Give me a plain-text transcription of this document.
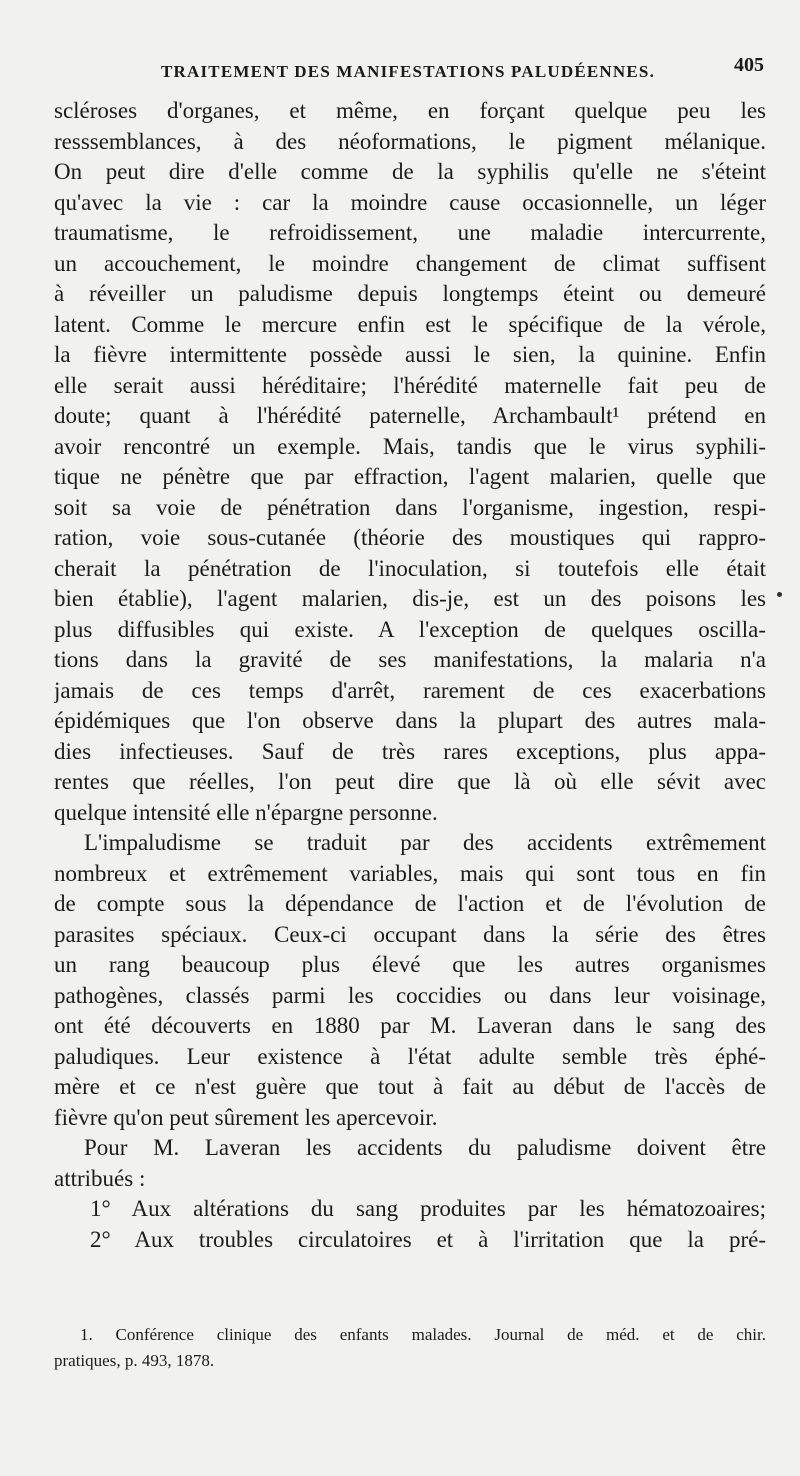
TRAITEMENT DES MANIFESTATIONS PALUDÉENNES.	405
scléroses d'organes, et même, en forçant quelque peu les
resssemblances, à des néoformations, le pigment mélanique.
On peut dire d'elle comme de la syphilis qu'elle ne s'éteint
qu'avec la vie : car la moindre cause occasionnelle, un léger
traumatisme, le refroidissement, une maladie intercurrente,
un accouchement, le moindre changement de climat suffisent
à réveiller un paludisme depuis longtemps éteint ou demeuré
latent. Comme le mercure enfin est le spécifique de la vérole,
la fièvre intermittente possède aussi le sien, la quinine. Enfin
elle serait aussi héréditaire; l'hérédité maternelle fait peu de
doute; quant à l'hérédité paternelle, Archambault¹ prétend en
avoir rencontré un exemple. Mais, tandis que le virus syphili-
tique ne pénètre que par effraction, l'agent malarien, quelle que
soit sa voie de pénétration dans l'organisme, ingestion, respi-
ration, voie sous-cutanée (théorie des moustiques qui rappro-
cherait la pénétration de l'inoculation, si toutefois elle était
bien établie), l'agent malarien, dis-je, est un des poisons les
plus diffusibles qui existe. A l'exception de quelques oscilla-
tions dans la gravité de ses manifestations, la malaria n'a
jamais de ces temps d'arrêt, rarement de ces exacerbations
épidémiques que l'on observe dans la plupart des autres mala-
dies infectieuses. Sauf de très rares exceptions, plus appa-
rentes que réelles, l'on peut dire que là où elle sévit avec
quelque intensité elle n'épargne personne.
L'impaludisme se traduit par des accidents extrêmement
nombreux et extrêmement variables, mais qui sont tous en fin
de compte sous la dépendance de l'action et de l'évolution de
parasites spéciaux. Ceux-ci occupant dans la série des êtres
un rang beaucoup plus élevé que les autres organismes
pathogènes, classés parmi les coccidies ou dans leur voisinage,
ont été découverts en 1880 par M. Laveran dans le sang des
paludiques. Leur existence à l'état adulte semble très éphé-
mère et ce n'est guère que tout à fait au début de l'accès de
fièvre qu'on peut sûrement les apercevoir.
Pour M. Laveran les accidents du paludisme doivent être
attribués :
1° Aux altérations du sang produites par les hématozoaires;
2° Aux troubles circulatoires et à l'irritation que la pré-
1. Conférence clinique des enfants malades. Journal de méd. et de chir.
pratiques, p. 493, 1878.
